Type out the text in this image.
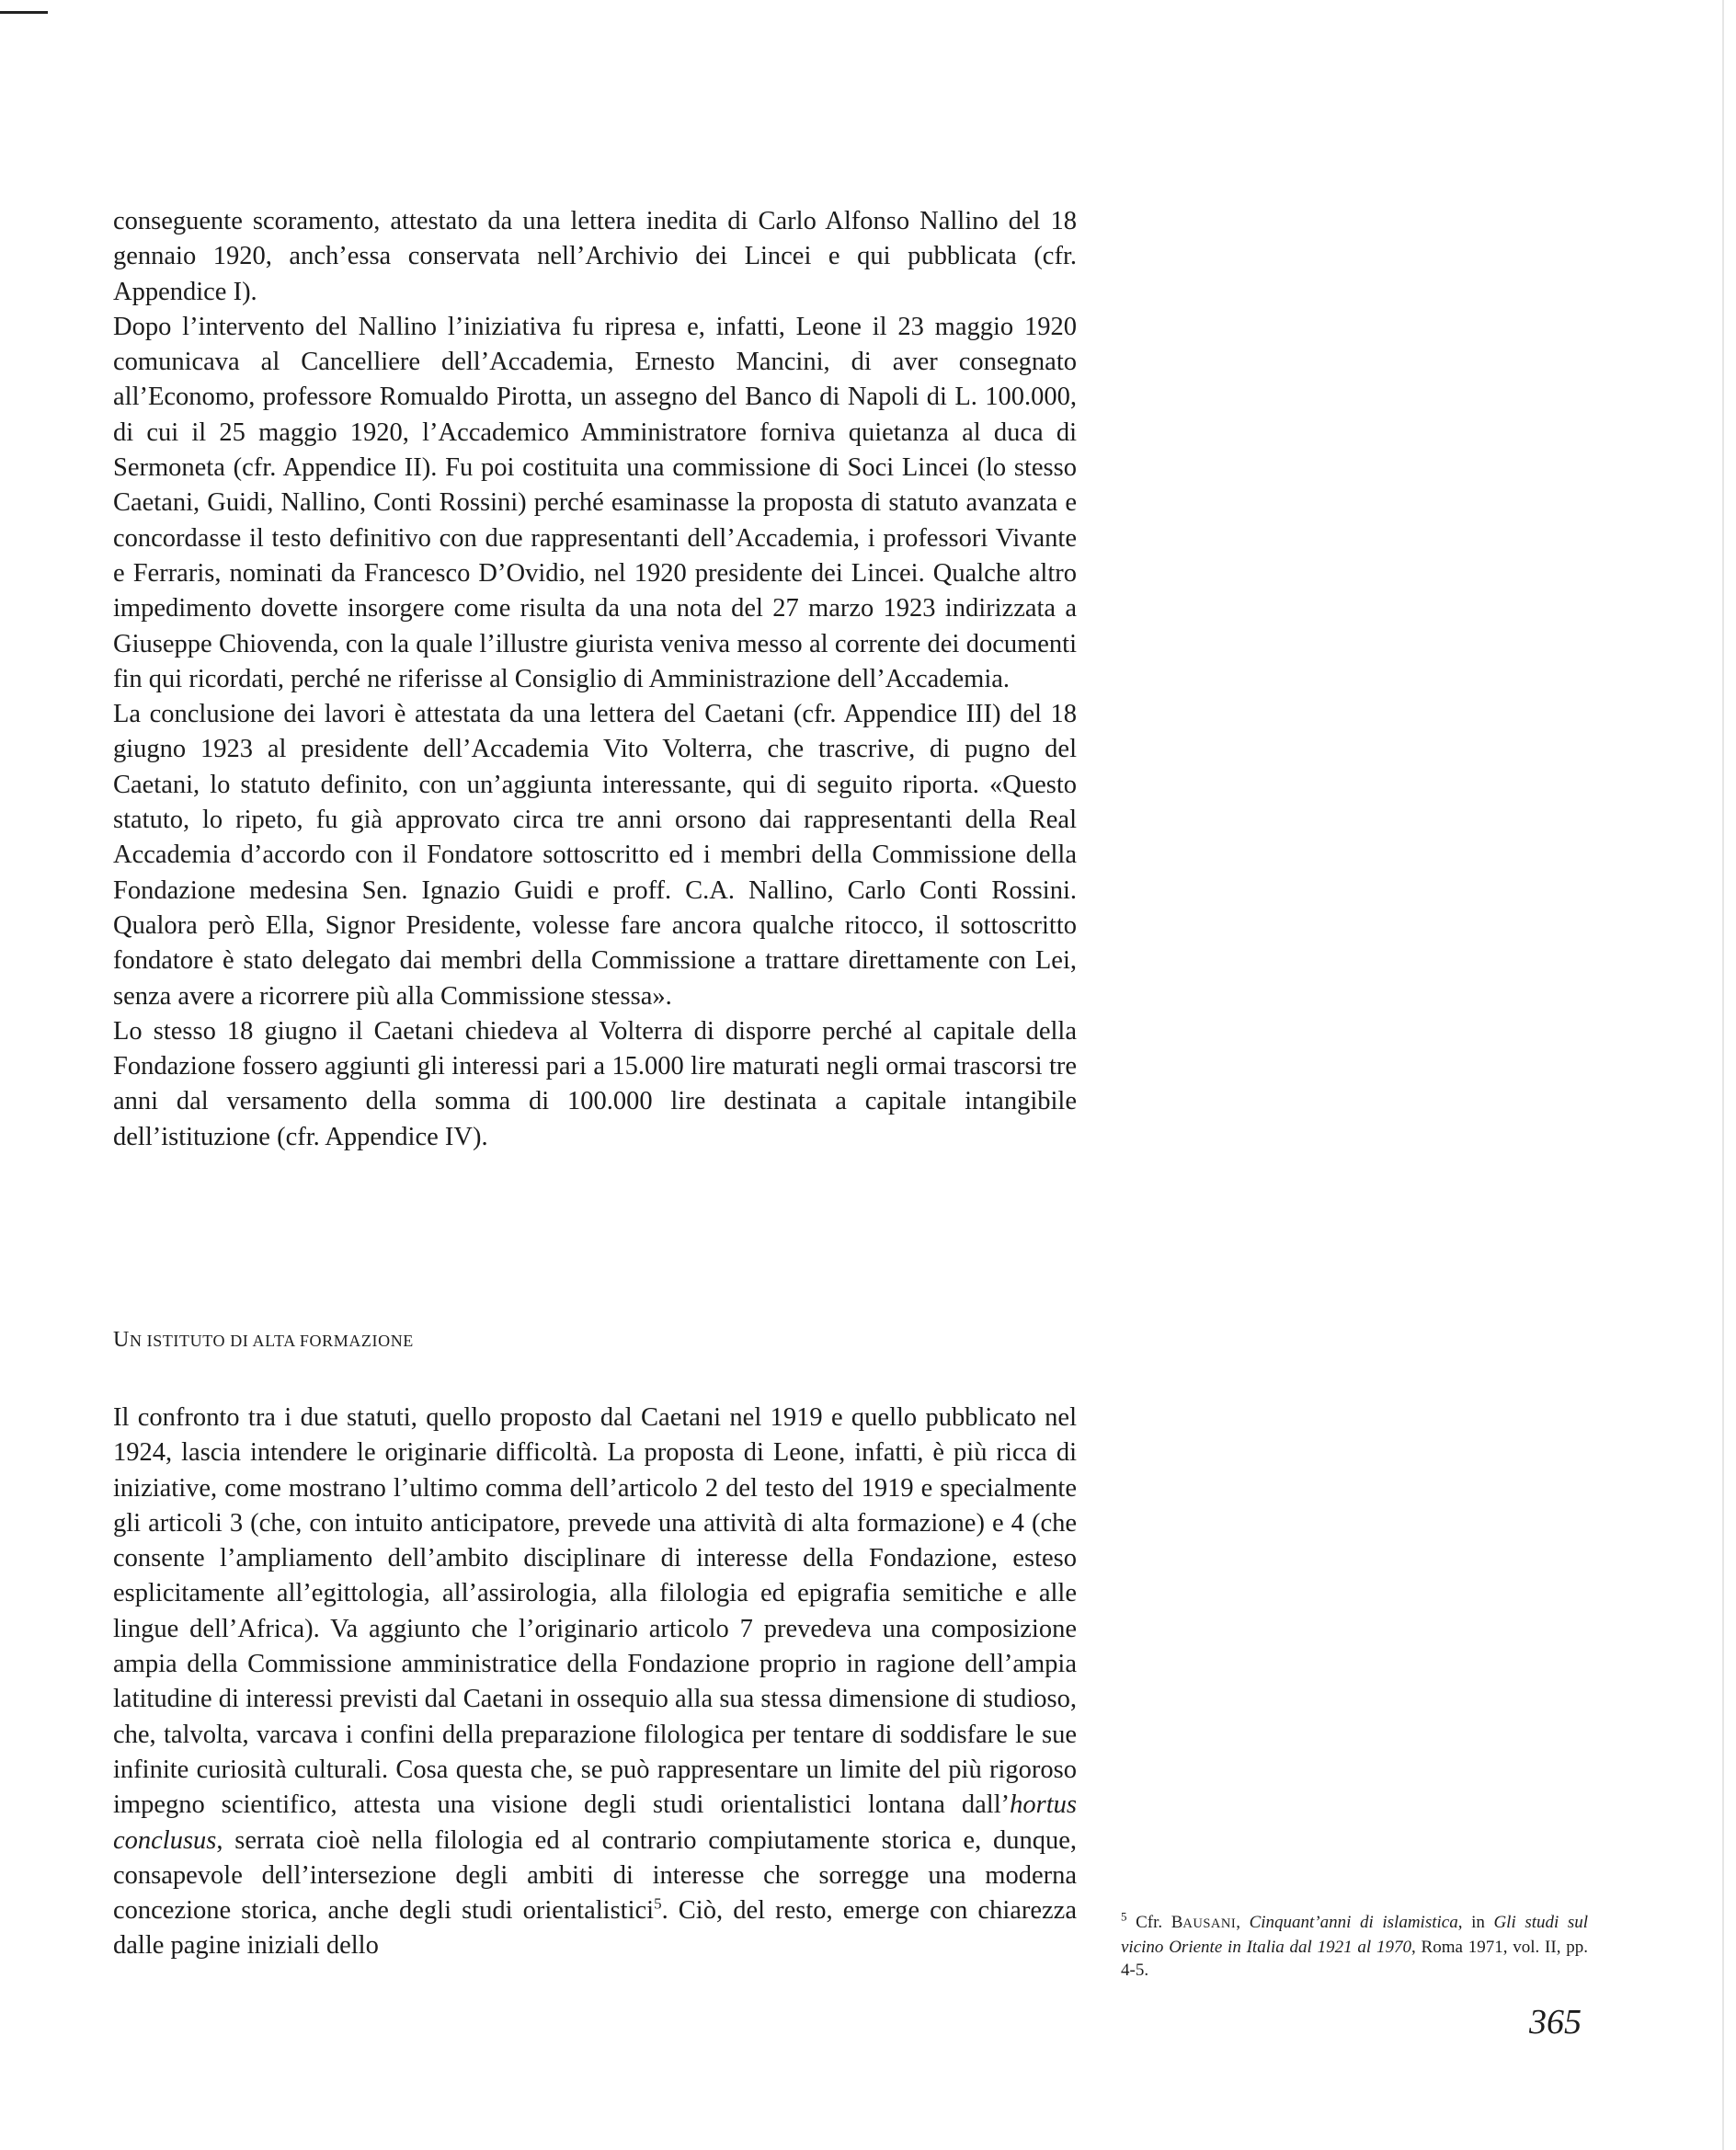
conseguente scoramento, attestato da una lettera inedita di Carlo Alfonso Nallino del 18 gennaio 1920, anch’essa conservata nell’Archivio dei Lincei e qui pubblicata (cfr. Appendice I).

Dopo l’intervento del Nallino l’iniziativa fu ripresa e, infatti, Leone il 23 maggio 1920 comunicava al Cancelliere dell’Accademia, Ernesto Mancini, di aver consegnato all’Economo, professore Romualdo Pirotta, un assegno del Banco di Napoli di L. 100.000, di cui il 25 maggio 1920, l’Accademico Amministratore forniva quietanza al duca di Sermoneta (cfr. Appendice II). Fu poi costituita una commissione di Soci Lincei (lo stesso Caetani, Guidi, Nallino, Conti Rossini) perché esaminasse la proposta di statuto avanzata e concordasse il testo definitivo con due rappresentanti dell’Accademia, i professori Vivante e Ferraris, nominati da Francesco D’Ovidio, nel 1920 presidente dei Lincei. Qualche altro impedimento dovette insorgere come risulta da una nota del 27 marzo 1923 indirizzata a Giuseppe Chiovenda, con la quale l’illustre giurista veniva messo al corrente dei documenti fin qui ricordati, perché ne riferisse al Consiglio di Amministrazione dell’Accademia.

La conclusione dei lavori è attestata da una lettera del Caetani (cfr. Appendice III) del 18 giugno 1923 al presidente dell’Accademia Vito Volterra, che trascrive, di pugno del Caetani, lo statuto definito, con un’aggiunta interessante, qui di seguito riporta. «Questo statuto, lo ripeto, fu già approvato circa tre anni orsono dai rappresentanti della Real Accademia d’accordo con il Fondatore sottoscritto ed i membri della Commissione della Fondazione medesina Sen. Ignazio Guidi e proff. C.A. Nallino, Carlo Conti Rossini. Qualora però Ella, Signor Presidente, volesse fare ancora qualche ritocco, il sottoscritto fondatore è stato delegato dai membri della Commissione a trattare direttamente con Lei, senza avere a ricorrere più alla Commissione stessa».

Lo stesso 18 giugno il Caetani chiedeva al Volterra di disporre perché al capitale della Fondazione fossero aggiunti gli interessi pari a 15.000 lire maturati negli ormai trascorsi tre anni dal versamento della somma di 100.000 lire destinata a capitale intangibile dell’istituzione (cfr. Appendice IV).

UN ISTITUTO DI ALTA FORMAZIONE

Il confronto tra i due statuti, quello proposto dal Caetani nel 1919 e quello pubblicato nel 1924, lascia intendere le originarie difficoltà. La proposta di Leone, infatti, è più ricca di iniziative, come mostrano l’ultimo comma dell’articolo 2 del testo del 1919 e specialmente gli articoli 3 (che, con intuito anticipatore, prevede una attività di alta formazione) e 4 (che consente l’ampliamento dell’ambito disciplinare di interesse della Fondazione, esteso esplicitamente all’egittologia, all’assirologia, alla filologia ed epigrafia semitiche e alle lingue dell’Africa). Va aggiunto che l’originario articolo 7 prevedeva una composizione ampia della Commissione amministratice della Fondazione proprio in ragione dell’ampia latitudine di interessi previsti dal Caetani in ossequio alla sua stessa dimensione di studioso, che, talvolta, varcava i confini della preparazione filologica per tentare di soddisfare le sue infinite curiosità culturali. Cosa questa che, se può rappresentare un limite del più rigoroso impegno scientifico, attesta una visione degli studi orientalistici lontana dall’hortus conclusus, serrata cioè nella filologia ed al contrario compiutamente storica e, dunque, consapevole dell’intersezione degli ambiti di interesse che sorregge una moderna concezione storica, anche degli studi orientalistici$^5$. Ciò, del resto, emerge con chiarezza dalle pagine iniziali dello

$^5$ Cfr. BAUSANI, Cinquant’anni di islamistica, in Gli studi sul vicino Oriente in Italia dal 1921 al 1970, Roma 1971, vol. II, pp. 4-5.
365
